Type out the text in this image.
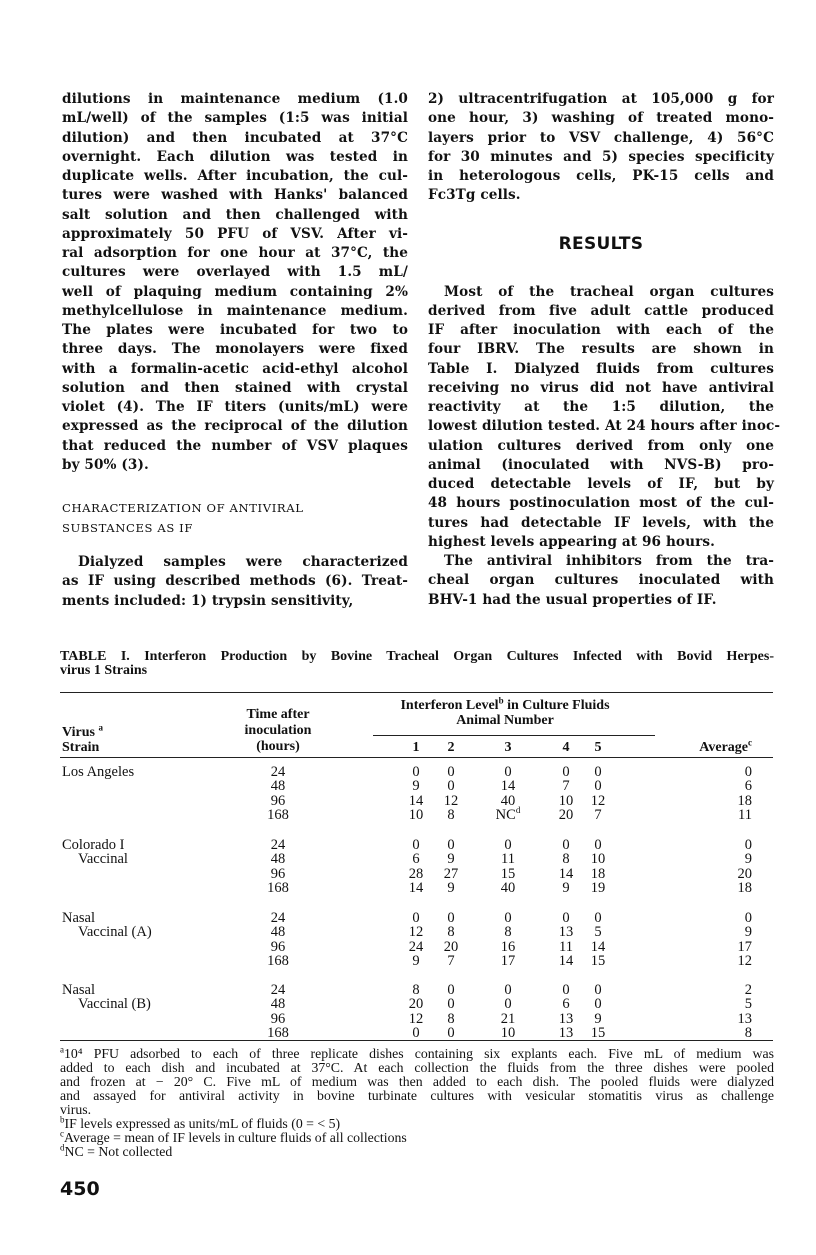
dilutions in maintenance medium (1.0
mL/well) of the samples (1:5 was initial
dilution) and then incubated at 37°C
overnight. Each dilution was tested in
duplicate wells. After incubation, the cul-
tures were washed with Hanks' balanced
salt solution and then challenged with
approximately 50 PFU of VSV. After vi-
ral adsorption for one hour at 37°C, the
cultures were overlayed with 1.5 mL/
well of plaquing medium containing 2%
methylcellulose in maintenance medium.
The plates were incubated for two to
three days. The monolayers were fixed
with a formalin-acetic acid-ethyl alcohol
solution and then stained with crystal
violet (4). The IF titers (units/mL) were
expressed as the reciprocal of the dilution
that reduced the number of VSV plaques
by 50% (3).
CHARACTERIZATION OF ANTIVIRAL
SUBSTANCES AS IF
Dialyzed samples were characterized
as IF using described methods (6). Treat-
ments included: 1) trypsin sensitivity,
2) ultracentrifugation at 105,000 g for
one hour, 3) washing of treated mono-
layers prior to VSV challenge, 4) 56°C
for 30 minutes and 5) species specificity
in heterologous cells, PK-15 cells and
Fc3Tg cells.
Most of the tracheal organ cultures
derived from five adult cattle produced
IF after inoculation with each of the
four IBRV. The results are shown in
Table I. Dialyzed fluids from cultures
receiving no virus did not have antiviral
reactivity at the 1:5 dilution, the
lowest dilution tested. At 24 hours after inoc-
ulation cultures derived from only one
animal (inoculated with NVS-B) pro-
duced detectable levels of IF, but by
48 hours postinoculation most of the cul-
tures had detectable IF levels, with the
highest levels appearing at 96 hours.
The antiviral inhibitors from the tra-
cheal organ cultures inoculated with
BHV-1 had the usual properties of IF.
RESULTS
TABLE I. Interferon Production by Bovine Tracheal Organ Cultures Infected with Bovid Herpes-
virus 1 Strains
Virus $^a$
Strain
Time after
inoculation
(hours)
Interferon Level$^b$ in Culture Fluids
Animal Number
Average$^c$
1 2	3	4 5
Los Angeles	24	0 0	0	0 0	0
48	9 0	14	7 0	6
96	14 12	40	10 12	18
168	10 8	$NC^d$	20 7	11
Colorado I
Vaccinal
24	0 0	0	0 0	0
48	6 9	11	8 10	9
96	28 27	15	14 18	20
168	14 9	40	9 19	18
Nasal
Vaccinal (A)
24	0 0	0	0 0	0
48	12 8	8	13 5	9
96	24 20	16	11 14	17
168	9 7	17	14 15	12
Nasal
Vaccinal (B)
24	8 0	0	0 0	2
48	20 0	0	6 0	5
96	12 8	21	13 9	13
168	0 0	10	13 15	8
$^a$10⁴ PFU adsorbed to each of three replicate dishes containing six explants each. Five mL of medium was
added to each dish and incubated at 37°C. At each collection the fluids from the three dishes were pooled
and frozen at − 20° C. Five mL of medium was then added to each dish. The pooled fluids were dialyzed
and assayed for antiviral activity in bovine turbinate cultures with vesicular stomatitis virus as challenge
virus.
$^b$IF levels expressed as units/mL of fluids (0 = < 5)
$^c$Average = mean of IF levels in culture fluids of all collections
$^d$NC = Not collected
450
